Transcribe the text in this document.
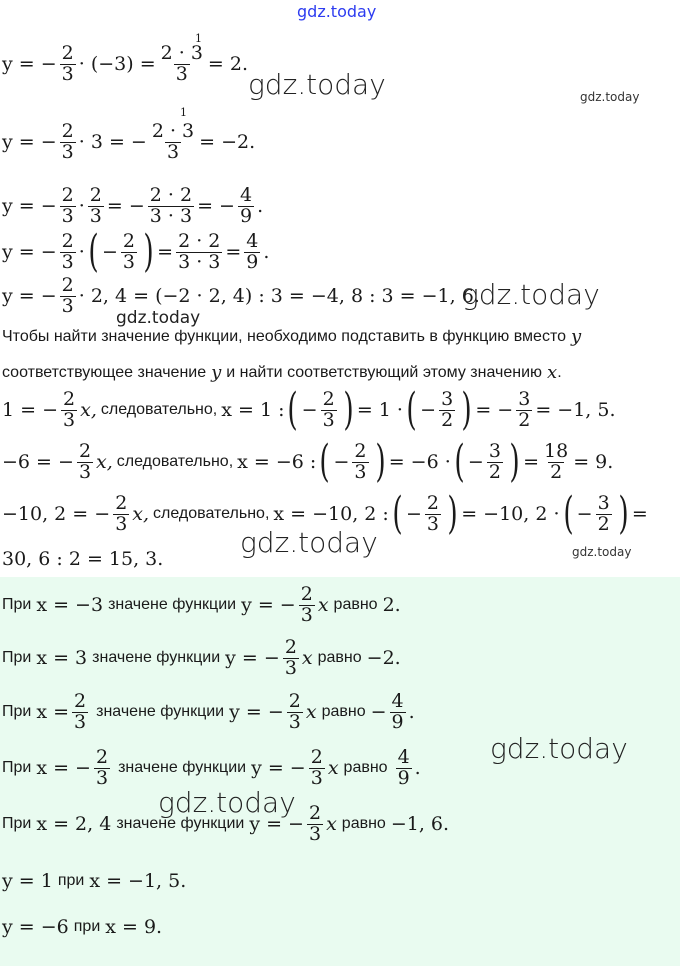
gdz.today
y = − $\frac{2}{3} \cdot (-3) = \frac{2 \cdot 3}{3} = 2$.
1
y = − $\frac{2}{3} \cdot 3$ = − $\frac{2 \cdot 3}{3} = -2$.
1
y = − $\frac{2}{3} \cdot \frac{2}{3}$ = − $\frac{2 \cdot 2}{3 \cdot 3}$ = − $\frac{4}{9}$ .
y = − $\frac{2}{3}$ · ( − $\frac{2}{3}$ ) = $\frac{2 \cdot 2}{3 \cdot 3} = \frac{4}{9}$ .
y = − $\frac{2}{3} \cdot 2$, 4 = (−2 · 2, 4) : 3 = −4, 8 : 3 = −1, 6.
Чтобы найти значение функции, необходимо подставить в функцию вместо y
соответствующее значение y и найти соответствующий этому значению x .
1 = − $\frac{2}{3} x$, следовательно, x = 1 : ( − $\frac{2}{3}$ ) = 1 · ( − $\frac{3}{2}$ ) = − $\frac{3}{2} = -1$, 5.
−6 = − $\frac{2}{3} x$, следовательно, x = −6 : ( − $\frac{2}{3}$ ) = −6 · ( − $\frac{3}{2}$ ) = $\frac{18}{2} = 9$.
−10, 2 = − $\frac{2}{3} x$, следовательно, x = −10, 2 : ( − $\frac{2}{3}$ ) = −10, 2 · ( − $\frac{3}{2}$ ) =
30, 6 : 2 = 15, 3.
При x = −3 значене функции y = − $\frac{2}{3}$ x равно 2.
При x = 3 значене функции y = − $\frac{2}{3}$ x равно −2.
При $x = \frac{2}{3}$ значене функции y = − $\frac{2}{3}$ x равно − $\frac{4}{9}$ .
При x = − $\frac{2}{3}$ значене функции y = − $\frac{2}{3}$ x равно $\frac{4}{9}$ .
При x = 2, 4 значене функции y = − $\frac{2}{3}$ x равно −1, 6.
y = 1 при x = −1, 5.
y = −6 при x = 9.
gdz.today	gdz.today
gdz.today
gdz.today
gdz.today	gdz.today
gdz.today
gdz.today
